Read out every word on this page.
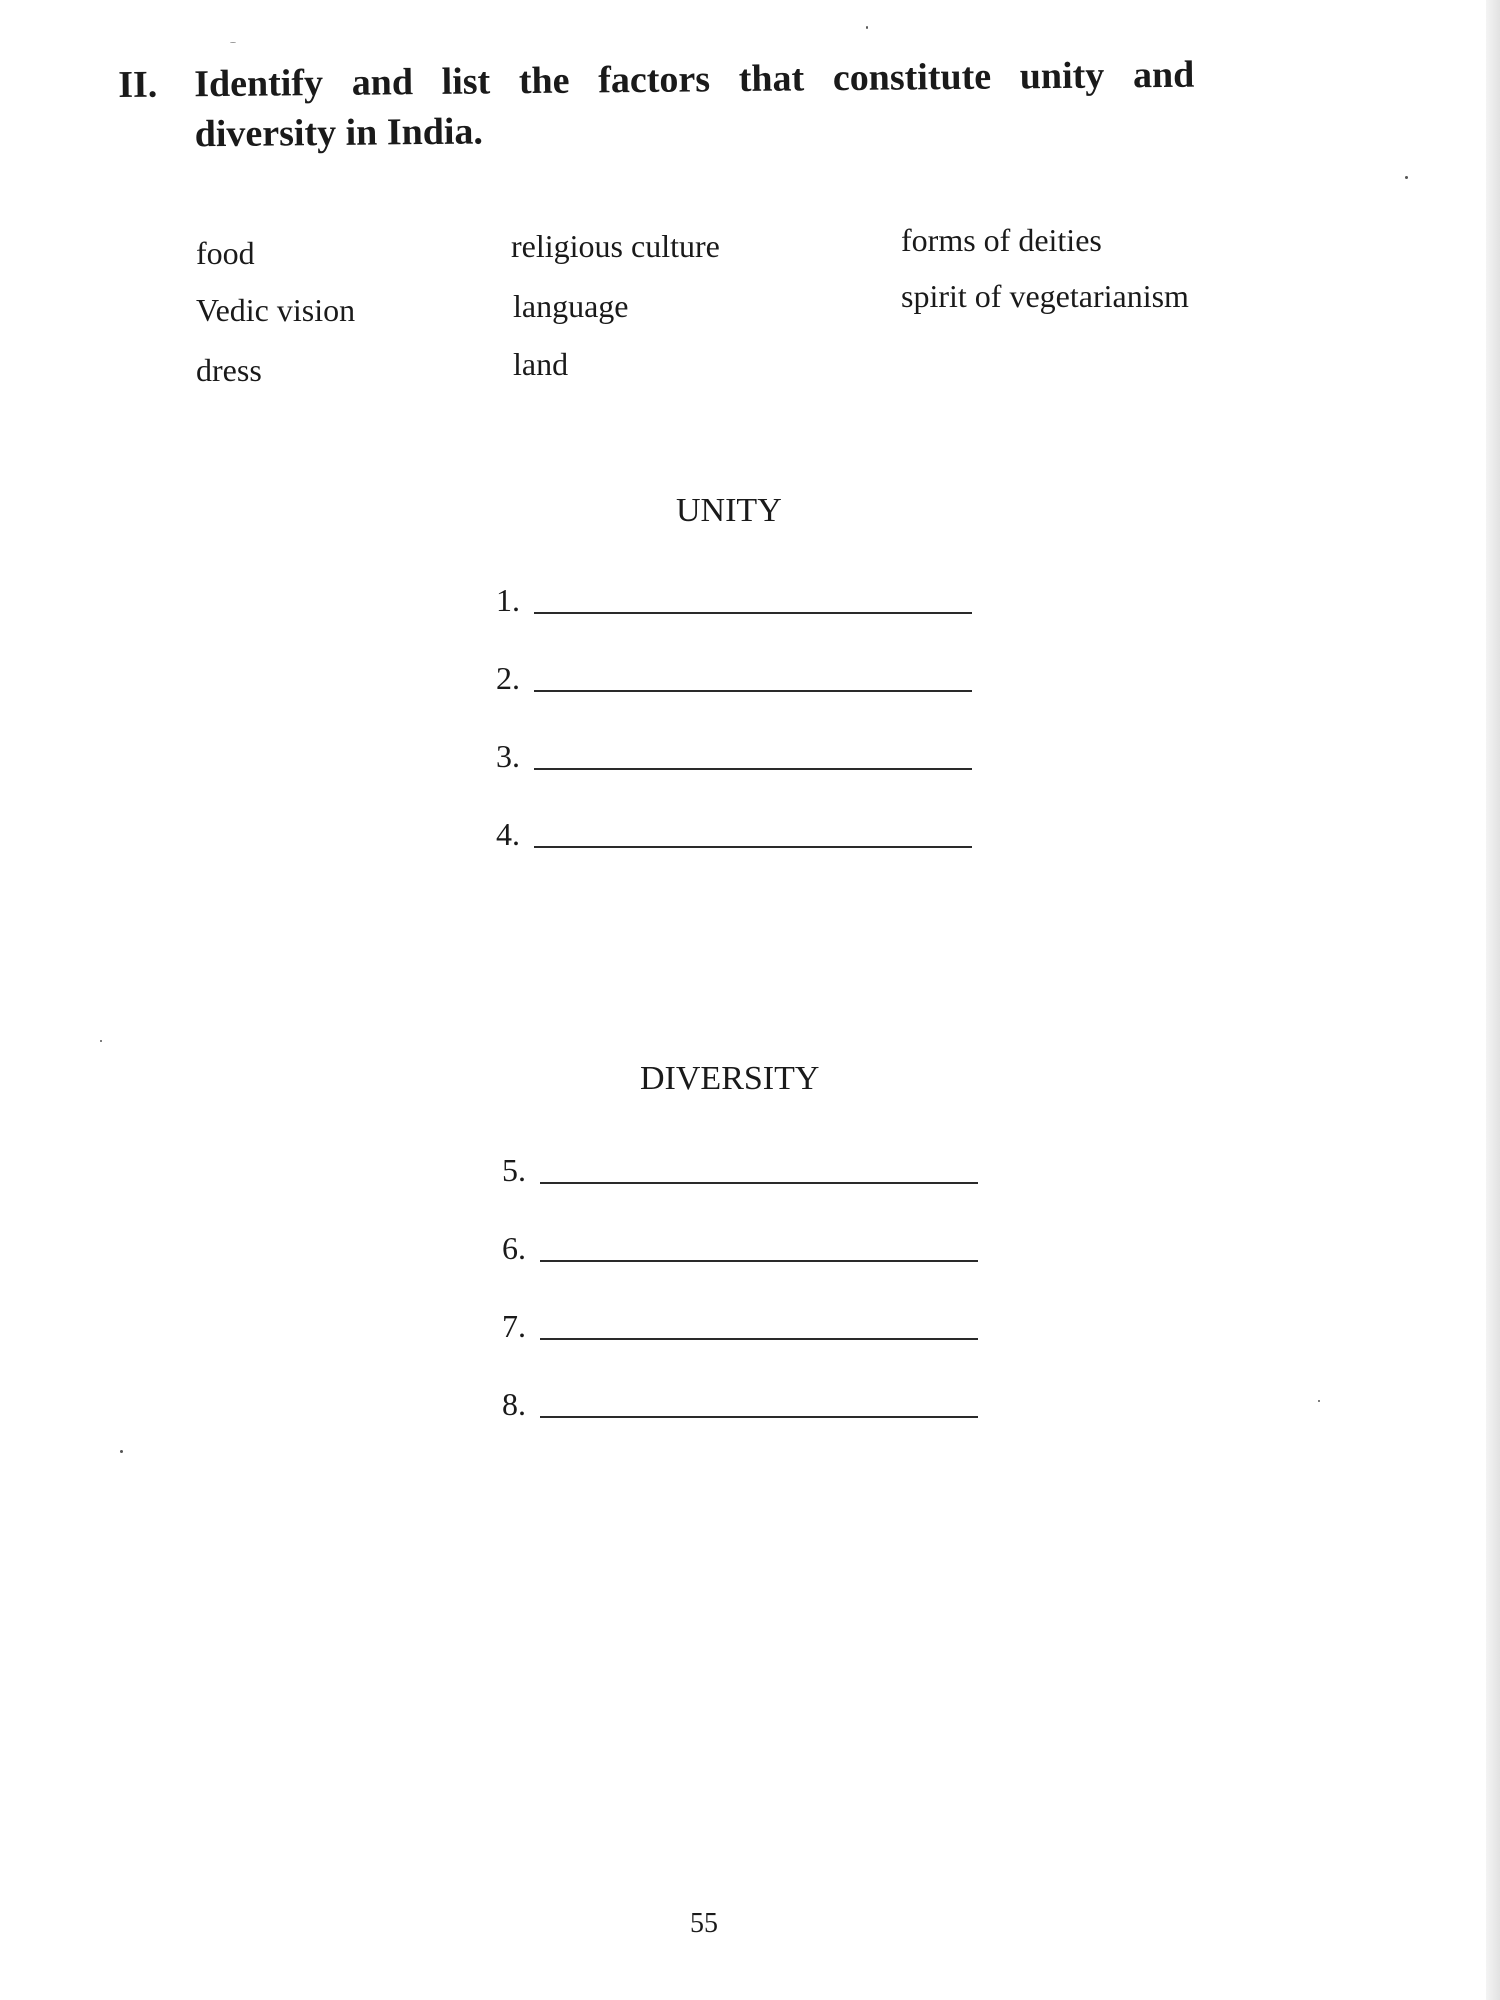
II. Identify and list the factors that constitute unity and
diversity in India.
food
Vedic vision
dress
religious culture
language
land
forms of deities
spirit of vegetarianism
UNITY
1.
2.
3.
4.
DIVERSITY
5.
6.
7.
8.
55
